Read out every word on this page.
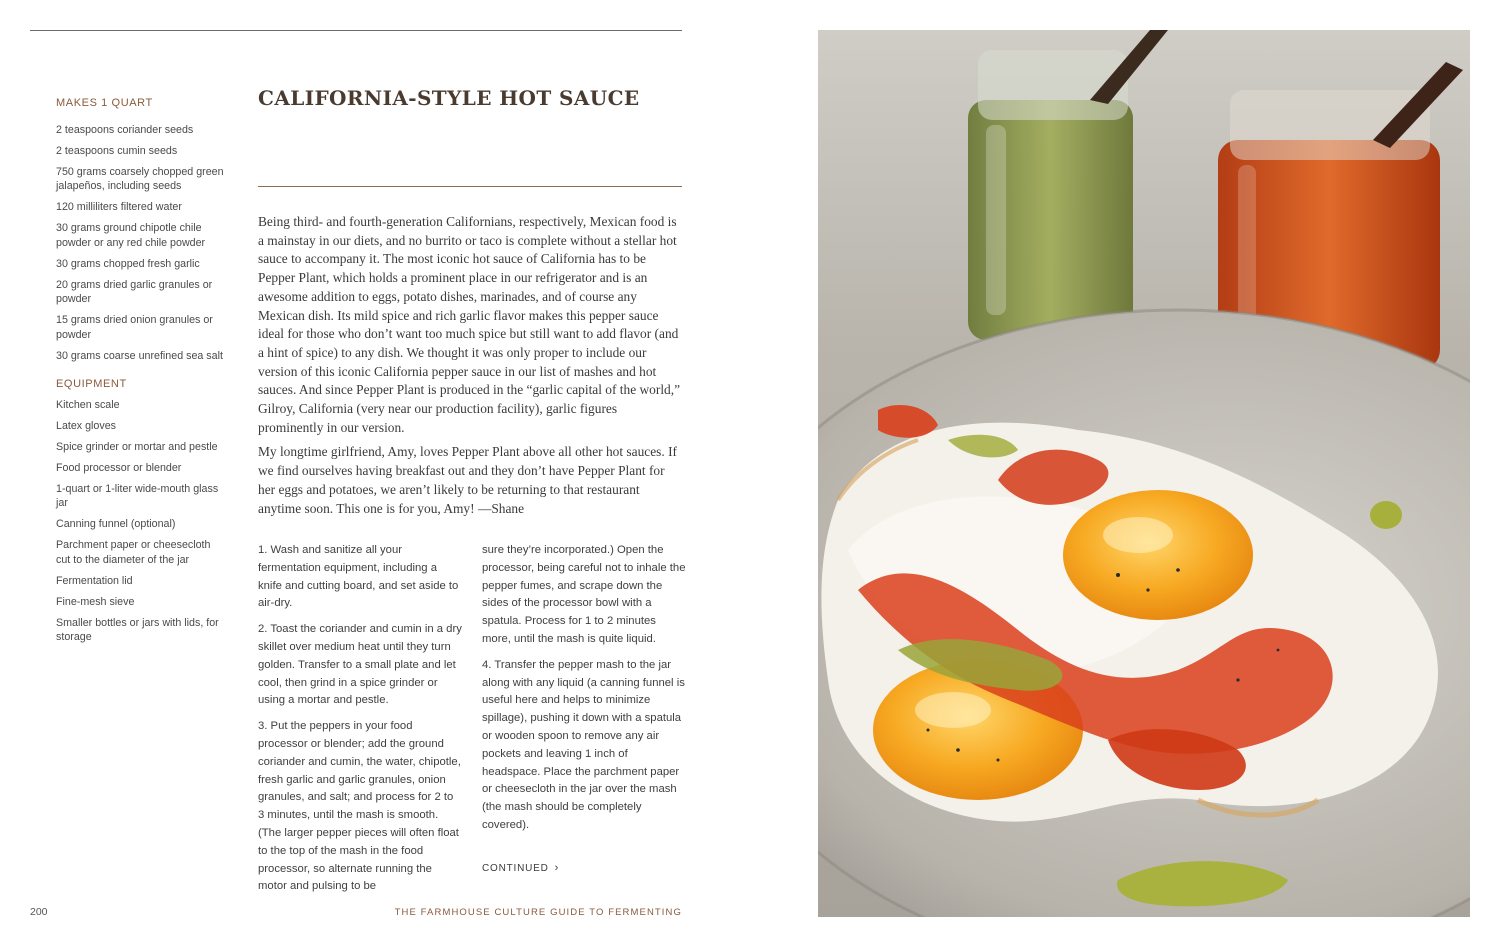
MAKES 1 QUART
2 teaspoons coriander seeds
2 teaspoons cumin seeds
750 grams coarsely chopped green jalapeños, including seeds
120 milliliters filtered water
30 grams ground chipotle chile powder or any red chile powder
30 grams chopped fresh garlic
20 grams dried garlic granules or powder
15 grams dried onion granules or powder
30 grams coarse unrefined sea salt
EQUIPMENT
Kitchen scale
Latex gloves
Spice grinder or mortar and pestle
Food processor or blender
1-quart or 1-liter wide-mouth glass jar
Canning funnel (optional)
Parchment paper or cheesecloth cut to the diameter of the jar
Fermentation lid
Fine-mesh sieve
Smaller bottles or jars with lids, for storage
CALIFORNIA-STYLE HOT SAUCE

Being third- and fourth-generation Californians, respectively, Mexican food is a mainstay in our diets, and no burrito or taco is complete without a stellar hot sauce to accompany it. The most iconic hot sauce of California has to be Pepper Plant, which holds a prominent place in our refrigerator and is an awesome addition to eggs, potato dishes, marinades, and of course any Mexican dish. Its mild spice and rich garlic flavor makes this pepper sauce ideal for those who don’t want too much spice but still want to add flavor (and a hint of spice) to any dish. We thought it was only proper to include our version of this iconic California pepper sauce in our list of mashes and hot sauces. And since Pepper Plant is produced in the “garlic capital of the world,” Gilroy, California (very near our production facility), garlic figures prominently in our version.

My longtime girlfriend, Amy, loves Pepper Plant above all other hot sauces. If we find ourselves having breakfast out and they don’t have Pepper Plant for her eggs and potatoes, we aren’t likely to be returning to that restaurant anytime soon. This one is for you, Amy! —Shane

1. Wash and sanitize all your fermentation equipment, including a knife and cutting board, and set aside to air-dry.

2. Toast the coriander and cumin in a dry skillet over medium heat until they turn golden. Transfer to a small plate and let cool, then grind in a spice grinder or using a mortar and pestle.

3. Put the peppers in your food processor or blender; add the ground coriander and cumin, the water, chipotle, fresh garlic and garlic granules, onion granules, and salt; and process for 2 to 3 minutes, until the mash is smooth. (The larger pepper pieces will often float to the top of the mash in the food processor, so alternate running the motor and pulsing to be

sure they’re incorporated.) Open the processor, being careful not to inhale the pepper fumes, and scrape down the sides of the processor bowl with a spatula. Process for 1 to 2 minutes more, until the mash is quite liquid.

4. Transfer the pepper mash to the jar along with any liquid (a canning funnel is useful here and helps to minimize spillage), pushing it down with a spatula or wooden spoon to remove any air pockets and leaving 1 inch of headspace. Place the parchment paper or cheesecloth in the jar over the mash (the mash should be completely covered).

CONTINUED ›
200	THE FARMHOUSE CULTURE GUIDE TO FERMENTING
